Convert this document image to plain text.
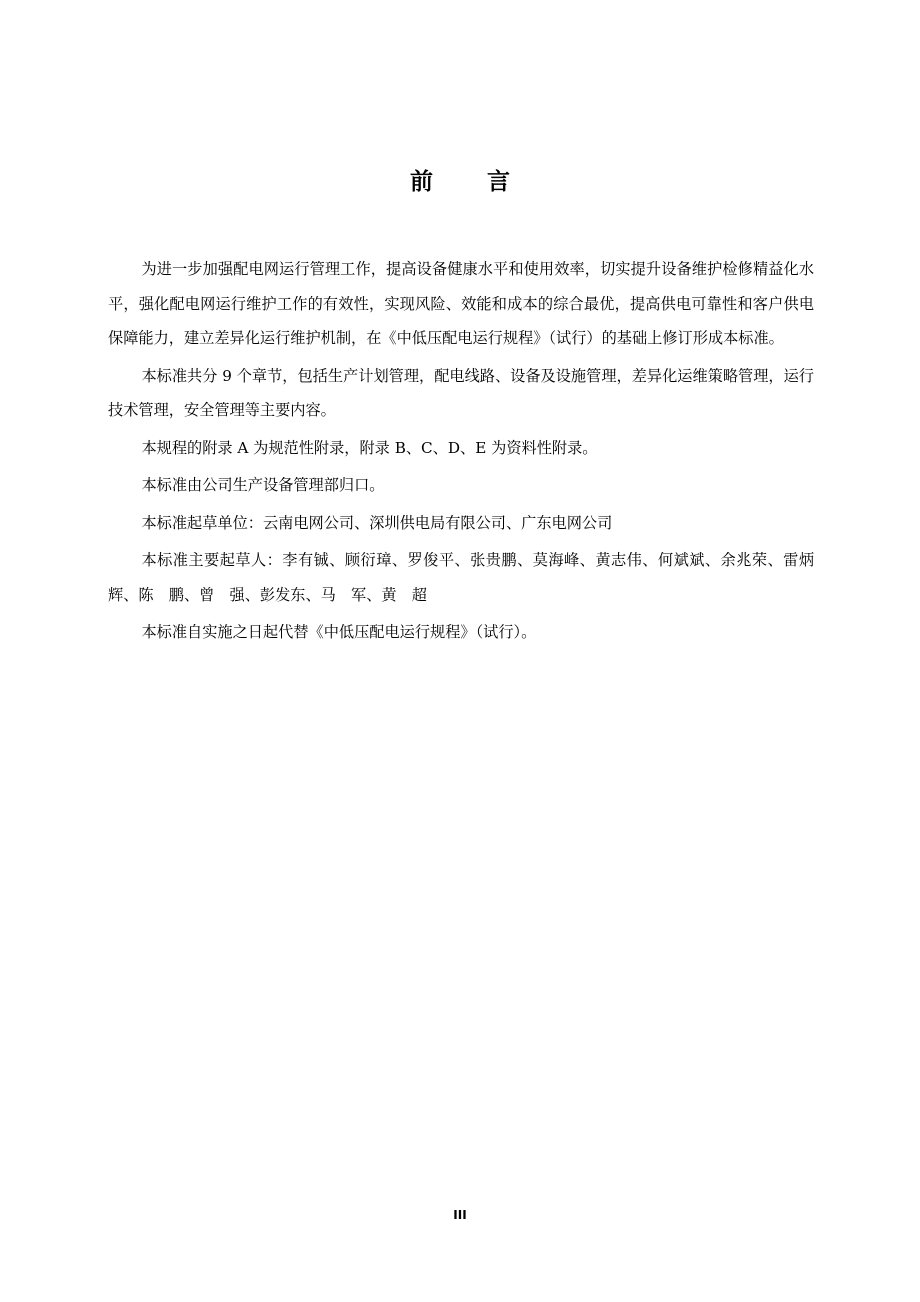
前 言

为进一步加强配电网运行管理工作，提高设备健康水平和使用效率，切实提升设备维护检修精益化水平，强化配电网运行维护工作的有效性，实现风险、效能和成本的综合最优，提高供电可靠性和客户供电保障能力，建立差异化运行维护机制，在《中低压配电运行规程》（试行）的基础上修订形成本标准。

本标准共分 9 个章节，包括生产计划管理，配电线路、设备及设施管理，差异化运维策略管理，运行技术管理，安全管理等主要内容。

本规程的附录 A 为规范性附录，附录 B、C、D、E 为资料性附录。

本标准由公司生产设备管理部归口。

本标准起草单位：云南电网公司、深圳供电局有限公司、广东电网公司

本标准主要起草人：李有铖、顾衍璋、罗俊平、张贵鹏、莫海峰、黄志伟、何斌斌、余兆荣、雷炳辉、陈　鹏、曾　强、彭发东、马　军、黄　超

本标准自实施之日起代替《中低压配电运行规程》（试行）。

III
